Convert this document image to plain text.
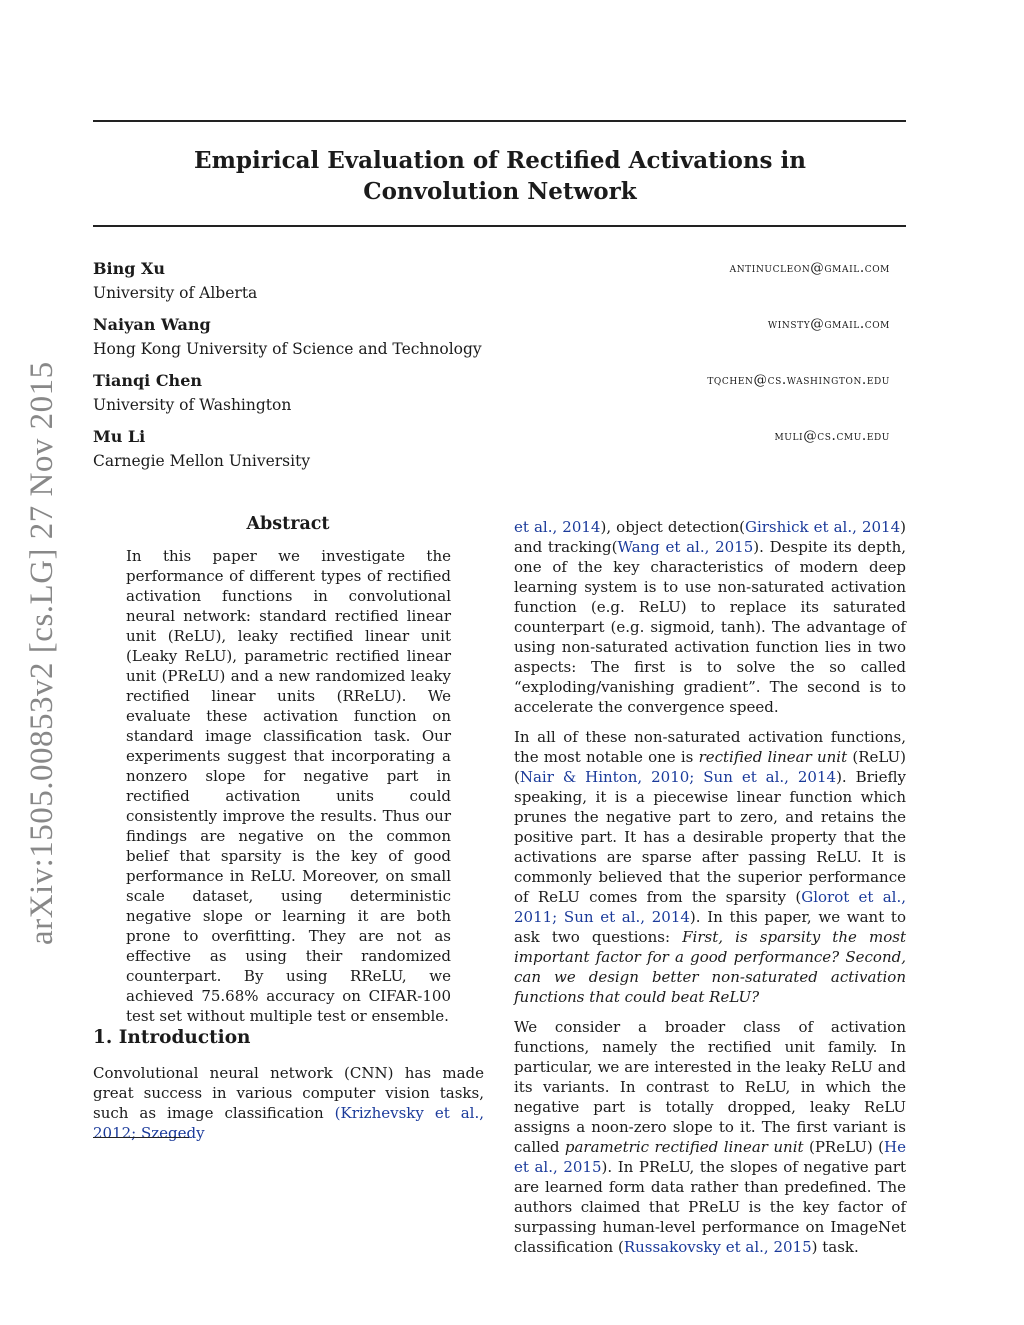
Empirical Evaluation of Rectified Activations in Convolution Network
Bing Xu	antinucleon@gmail.com
University of Alberta
Naiyan Wang	winsty@gmail.com
Hong Kong University of Science and Technology
Tianqi Chen	tqchen@cs.washington.edu
University of Washington
Mu Li	muli@cs.cmu.edu
Carnegie Mellon University
arXiv:1505.00853v2 [cs.LG] 27 Nov 2015	Abstract
In this paper we investigate the performance of different types of rectified activation functions in convolutional neural network: standard rectified linear unit (ReLU), leaky rectified linear unit (Leaky ReLU), parametric rectified linear unit (PReLU) and a new randomized leaky rectified linear units (RReLU). We evaluate these activation function on standard image classification task. Our experiments suggest that incorporating a nonzero slope for negative part in rectified activation units could consistently improve the results. Thus our findings are negative on the common belief that sparsity is the key of good performance in ReLU. Moreover, on small scale dataset, using deterministic negative slope or learning it are both prone to overfitting. They are not as effective as using their randomized counterpart. By using RReLU, we achieved 75.68% accuracy on CIFAR-100 test set without multiple test or ensemble.
1. Introduction
Convolutional neural network (CNN) has made great success in various computer vision tasks, such as image classification (Krizhevsky et al., 2012; Szegedy

et al., 2014), object detection(Girshick et al., 2014) and tracking(Wang et al., 2015). Despite its depth, one of the key characteristics of modern deep learning system is to use non-saturated activation function (e.g. ReLU) to replace its saturated counterpart (e.g. sigmoid, tanh). The advantage of using non-saturated activation function lies in two aspects: The first is to solve the so called “exploding/vanishing gradient”. The second is to accelerate the convergence speed.

In all of these non-saturated activation functions, the most notable one is rectified linear unit (ReLU) (Nair & Hinton, 2010; Sun et al., 2014). Briefly speaking, it is a piecewise linear function which prunes the negative part to zero, and retains the positive part. It has a desirable property that the activations are sparse after passing ReLU. It is commonly believed that the superior performance of ReLU comes from the sparsity (Glorot et al., 2011; Sun et al., 2014). In this paper, we want to ask two questions: First, is sparsity the most important factor for a good performance? Second, can we design better non-saturated activation functions that could beat ReLU?

We consider a broader class of activation functions, namely the rectified unit family. In particular, we are interested in the leaky ReLU and its variants. In contrast to ReLU, in which the negative part is totally dropped, leaky ReLU assigns a noon-zero slope to it. The first variant is called parametric rectified linear unit (PReLU) (He et al., 2015). In PReLU, the slopes of negative part are learned form data rather than predefined. The authors claimed that PReLU is the key factor of surpassing human-level performance on ImageNet classification (Russakovsky et al., 2015) task.
